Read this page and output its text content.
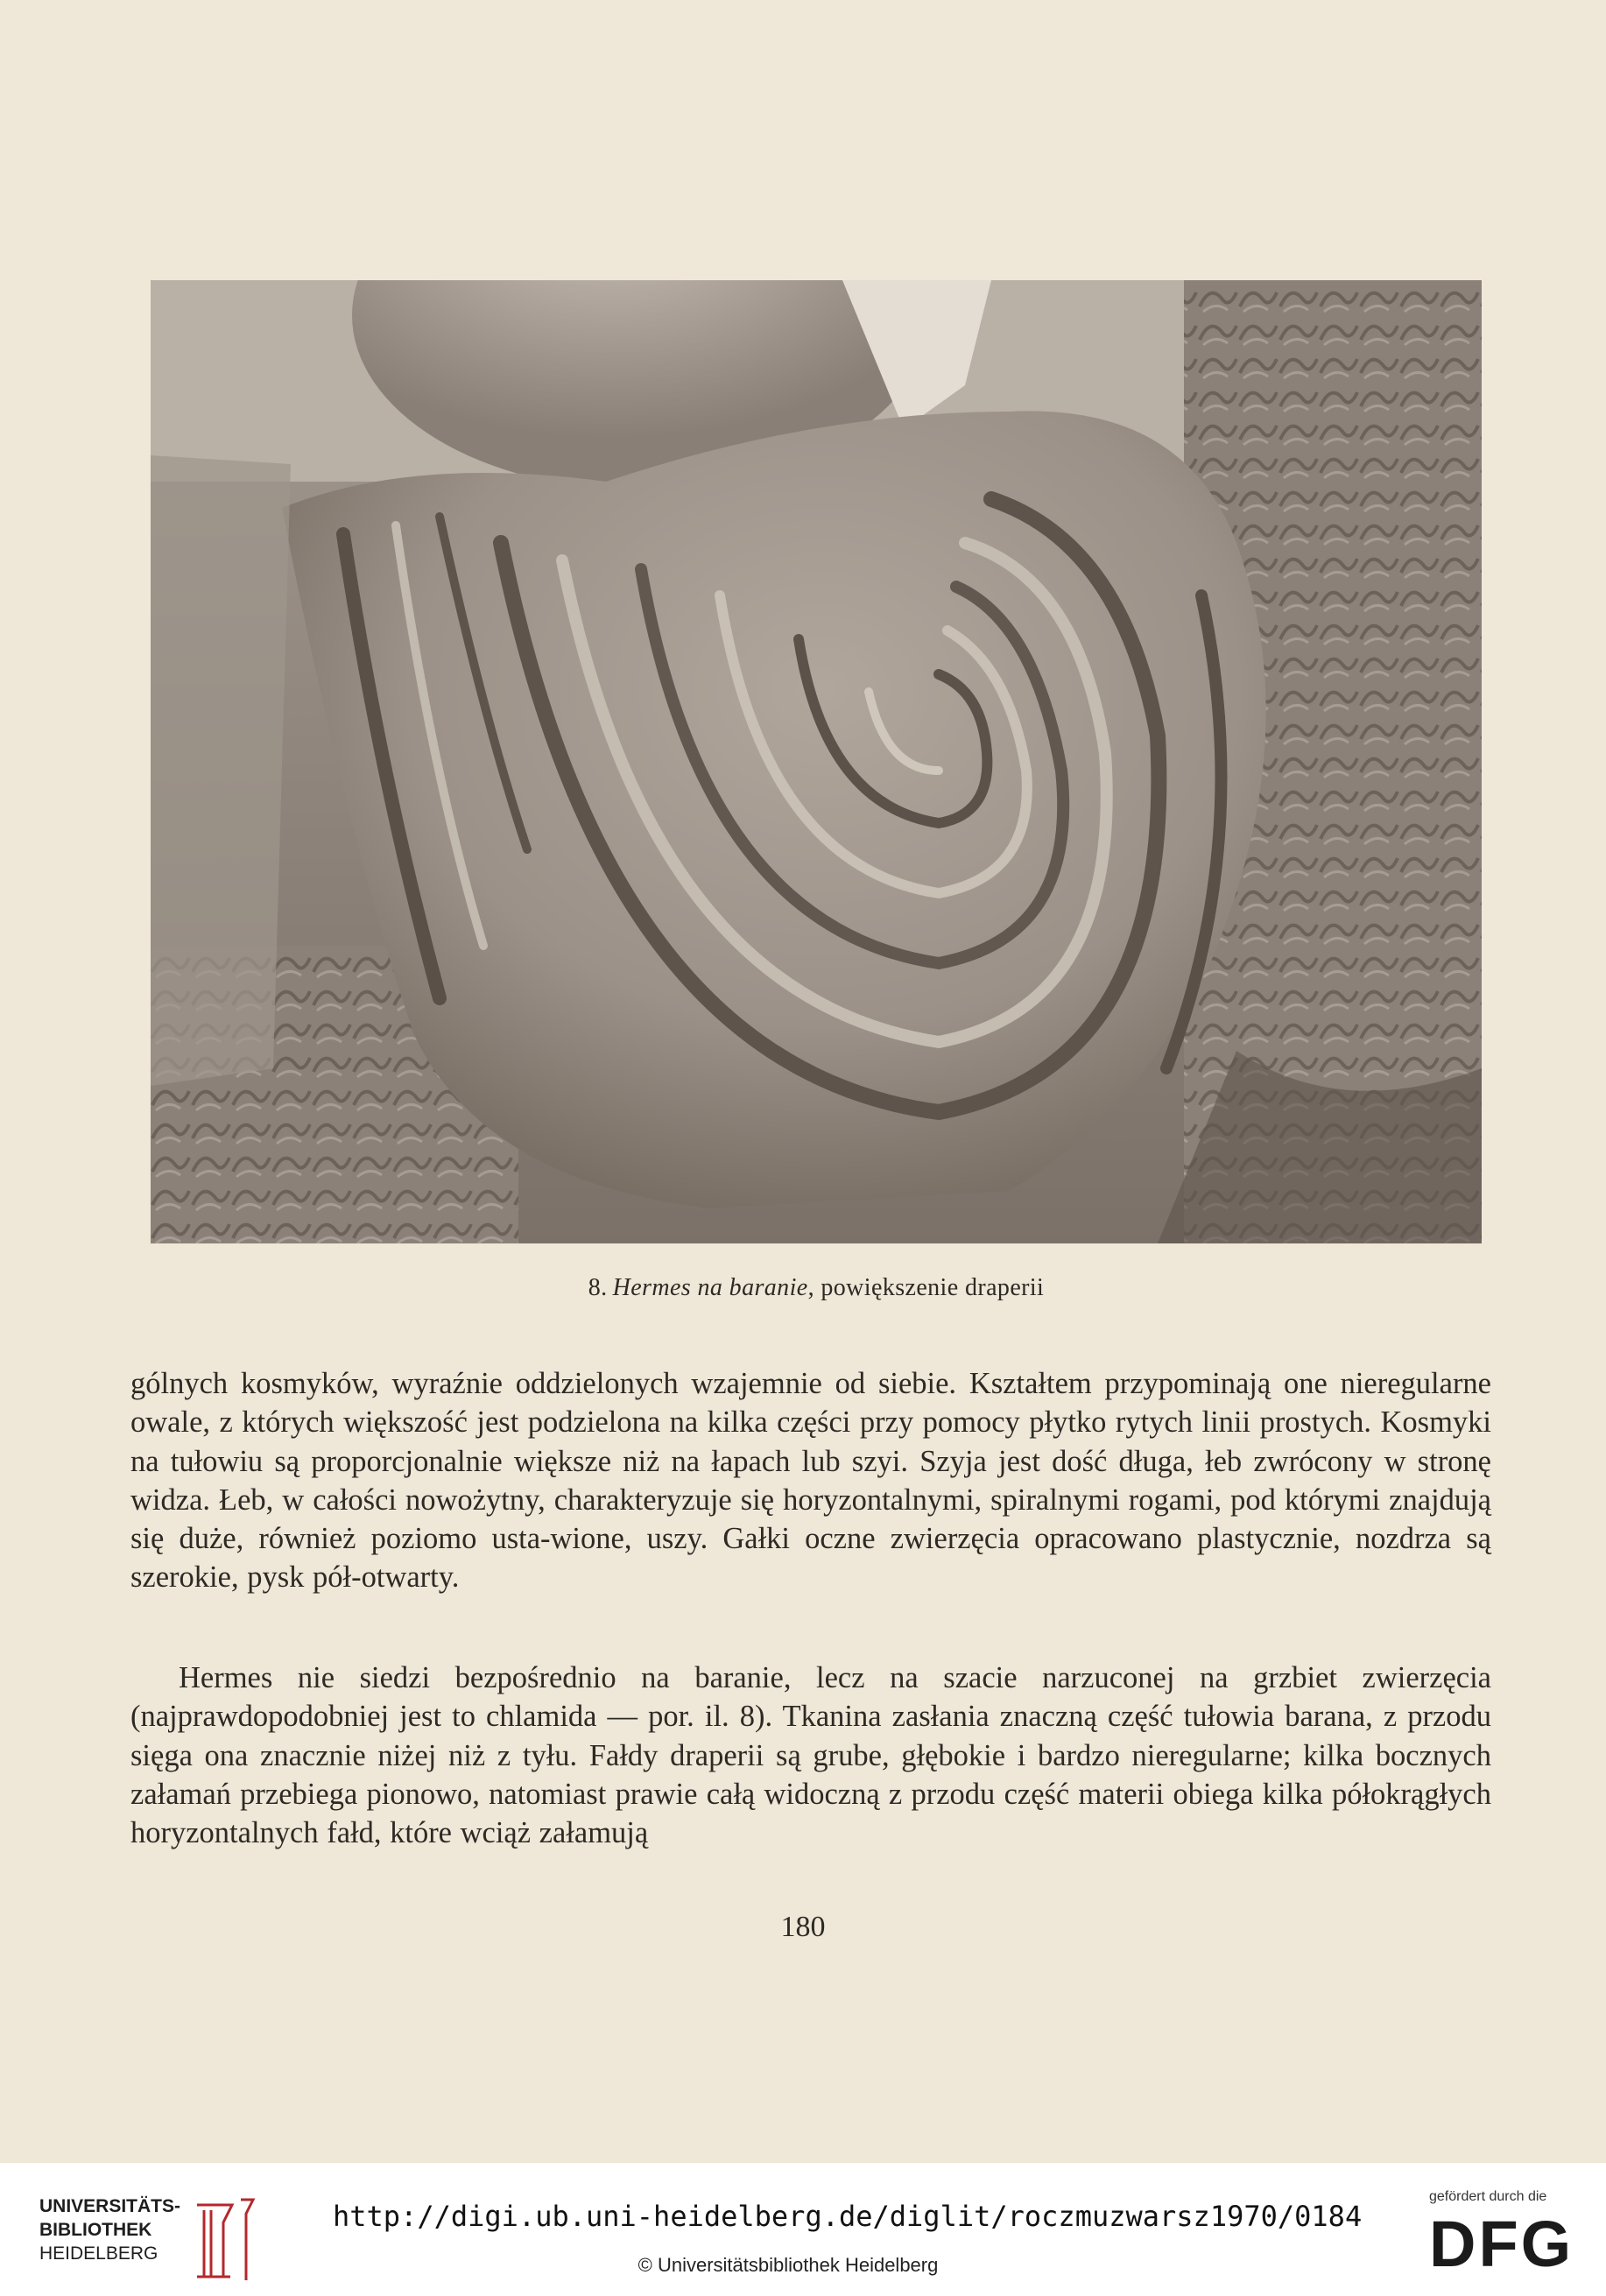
8. Hermes na baranie, powiększenie draperii

gólnych kosmyków, wyraźnie oddzielonych wzajemnie od siebie. Kształtem przypominają one nieregularne owale, z których większość jest podzielona na kilka części przy pomocy płytko rytych linii prostych. Kosmyki na tułowiu są proporcjonalnie większe niż na łapach lub szyi. Szyja jest dość długa, łeb zwrócony w stronę widza. Łeb, w całości nowożytny, charakteryzuje się horyzontalnymi, spiralnymi rogami, pod którymi znajdują się duże, również poziomo usta-wione, uszy. Gałki oczne zwierzęcia opracowano plastycznie, nozdrza są szerokie, pysk pół-otwarty.

Hermes nie siedzi bezpośrednio na baranie, lecz na szacie narzuconej na grzbiet zwierzęcia (najprawdopodobniej jest to chlamida — por. il. 8). Tkanina zasłania znaczną część tułowia barana, z przodu sięga ona znacznie niżej niż z tyłu. Fałdy draperii są grube, głębokie i bardzo nieregularne; kilka bocznych załamań przebiega pionowo, natomiast prawie całą widoczną z przodu część materii obiega kilka półokrągłych horyzontalnych fałd, które wciąż załamują

180
UNIVERSITÄTS-
BIBLIOTHEK
HEIDELBERG
http://digi.ub.uni-heidelberg.de/diglit/roczmuzwarsz1970/0184
© Universitätsbibliothek Heidelberg
gefördert durch die
DFG
